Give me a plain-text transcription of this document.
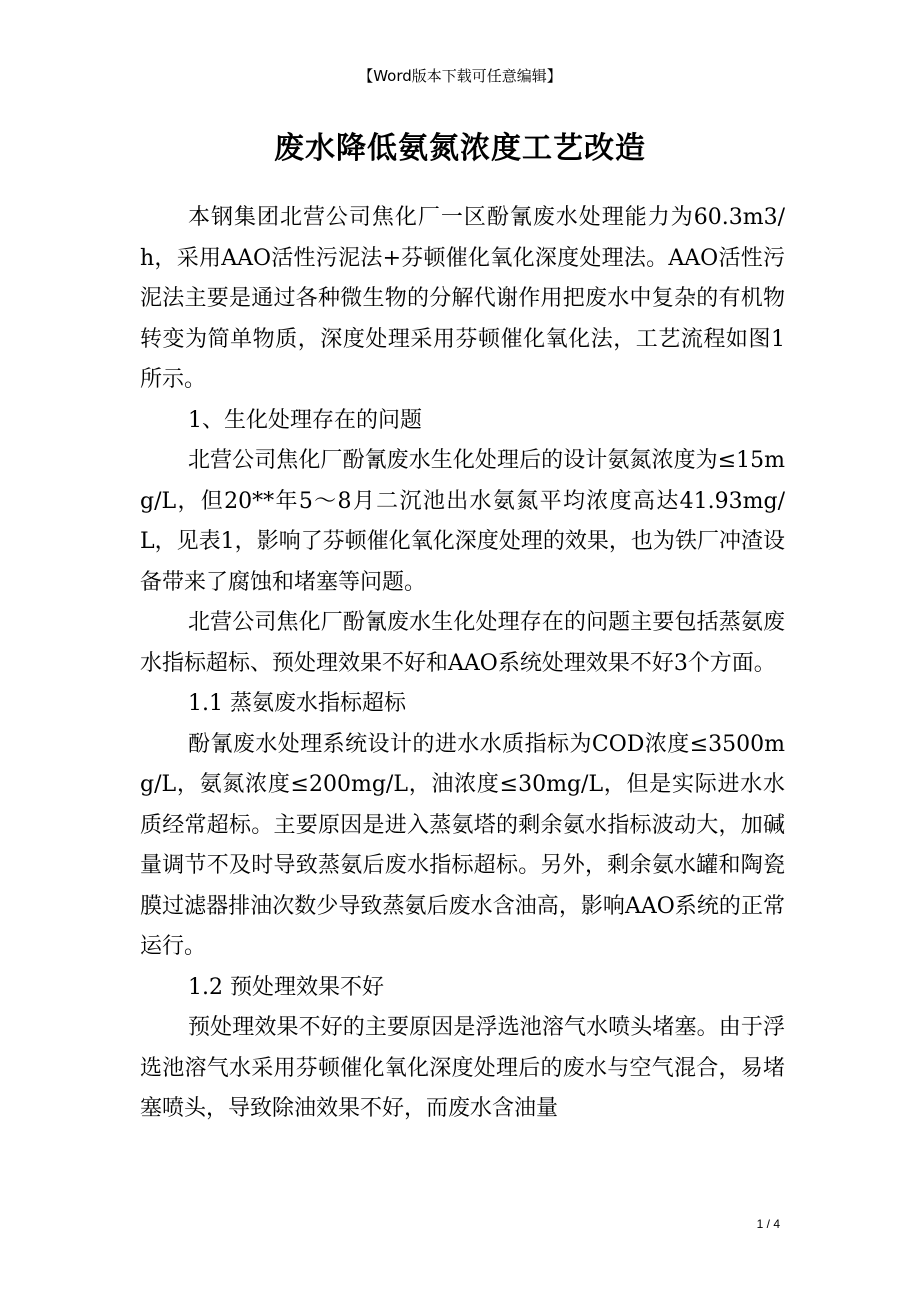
【Word版本下载可任意编辑】
废水降低氨氮浓度工艺改造

本钢集团北营公司焦化厂一区酚氰废水处理能力为60.3m3/h，采用AAO活性污泥法+芬顿催化氧化深度处理法。AAO活性污泥法主要是通过各种微生物的分解代谢作用把废水中复杂的有机物转变为简单物质，深度处理采用芬顿催化氧化法，工艺流程如图1所示。

1、生化处理存在的问题

北营公司焦化厂酚氰废水生化处理后的设计氨氮浓度为≤15mg/L，但20**年5～8月二沉池出水氨氮平均浓度高达41.93mg/L，见表1，影响了芬顿催化氧化深度处理的效果，也为铁厂冲渣设备带来了腐蚀和堵塞等问题。

北营公司焦化厂酚氰废水生化处理存在的问题主要包括蒸氨废水指标超标、预处理效果不好和AAO系统处理效果不好3个方面。

1.1 蒸氨废水指标超标

酚氰废水处理系统设计的进水水质指标为COD浓度≤3500mg/L，氨氮浓度≤200mg/L，油浓度≤30mg/L，但是实际进水水质经常超标。主要原因是进入蒸氨塔的剩余氨水指标波动大，加碱量调节不及时导致蒸氨后废水指标超标。另外，剩余氨水罐和陶瓷膜过滤器排油次数少导致蒸氨后废水含油高，影响AAO系统的正常运行。

1.2 预处理效果不好

预处理效果不好的主要原因是浮选池溶气水喷头堵塞。由于浮选池溶气水采用芬顿催化氧化深度处理后的废水与空气混合，易堵塞喷头，导致除油效果不好，而废水含油量

1 / 4
